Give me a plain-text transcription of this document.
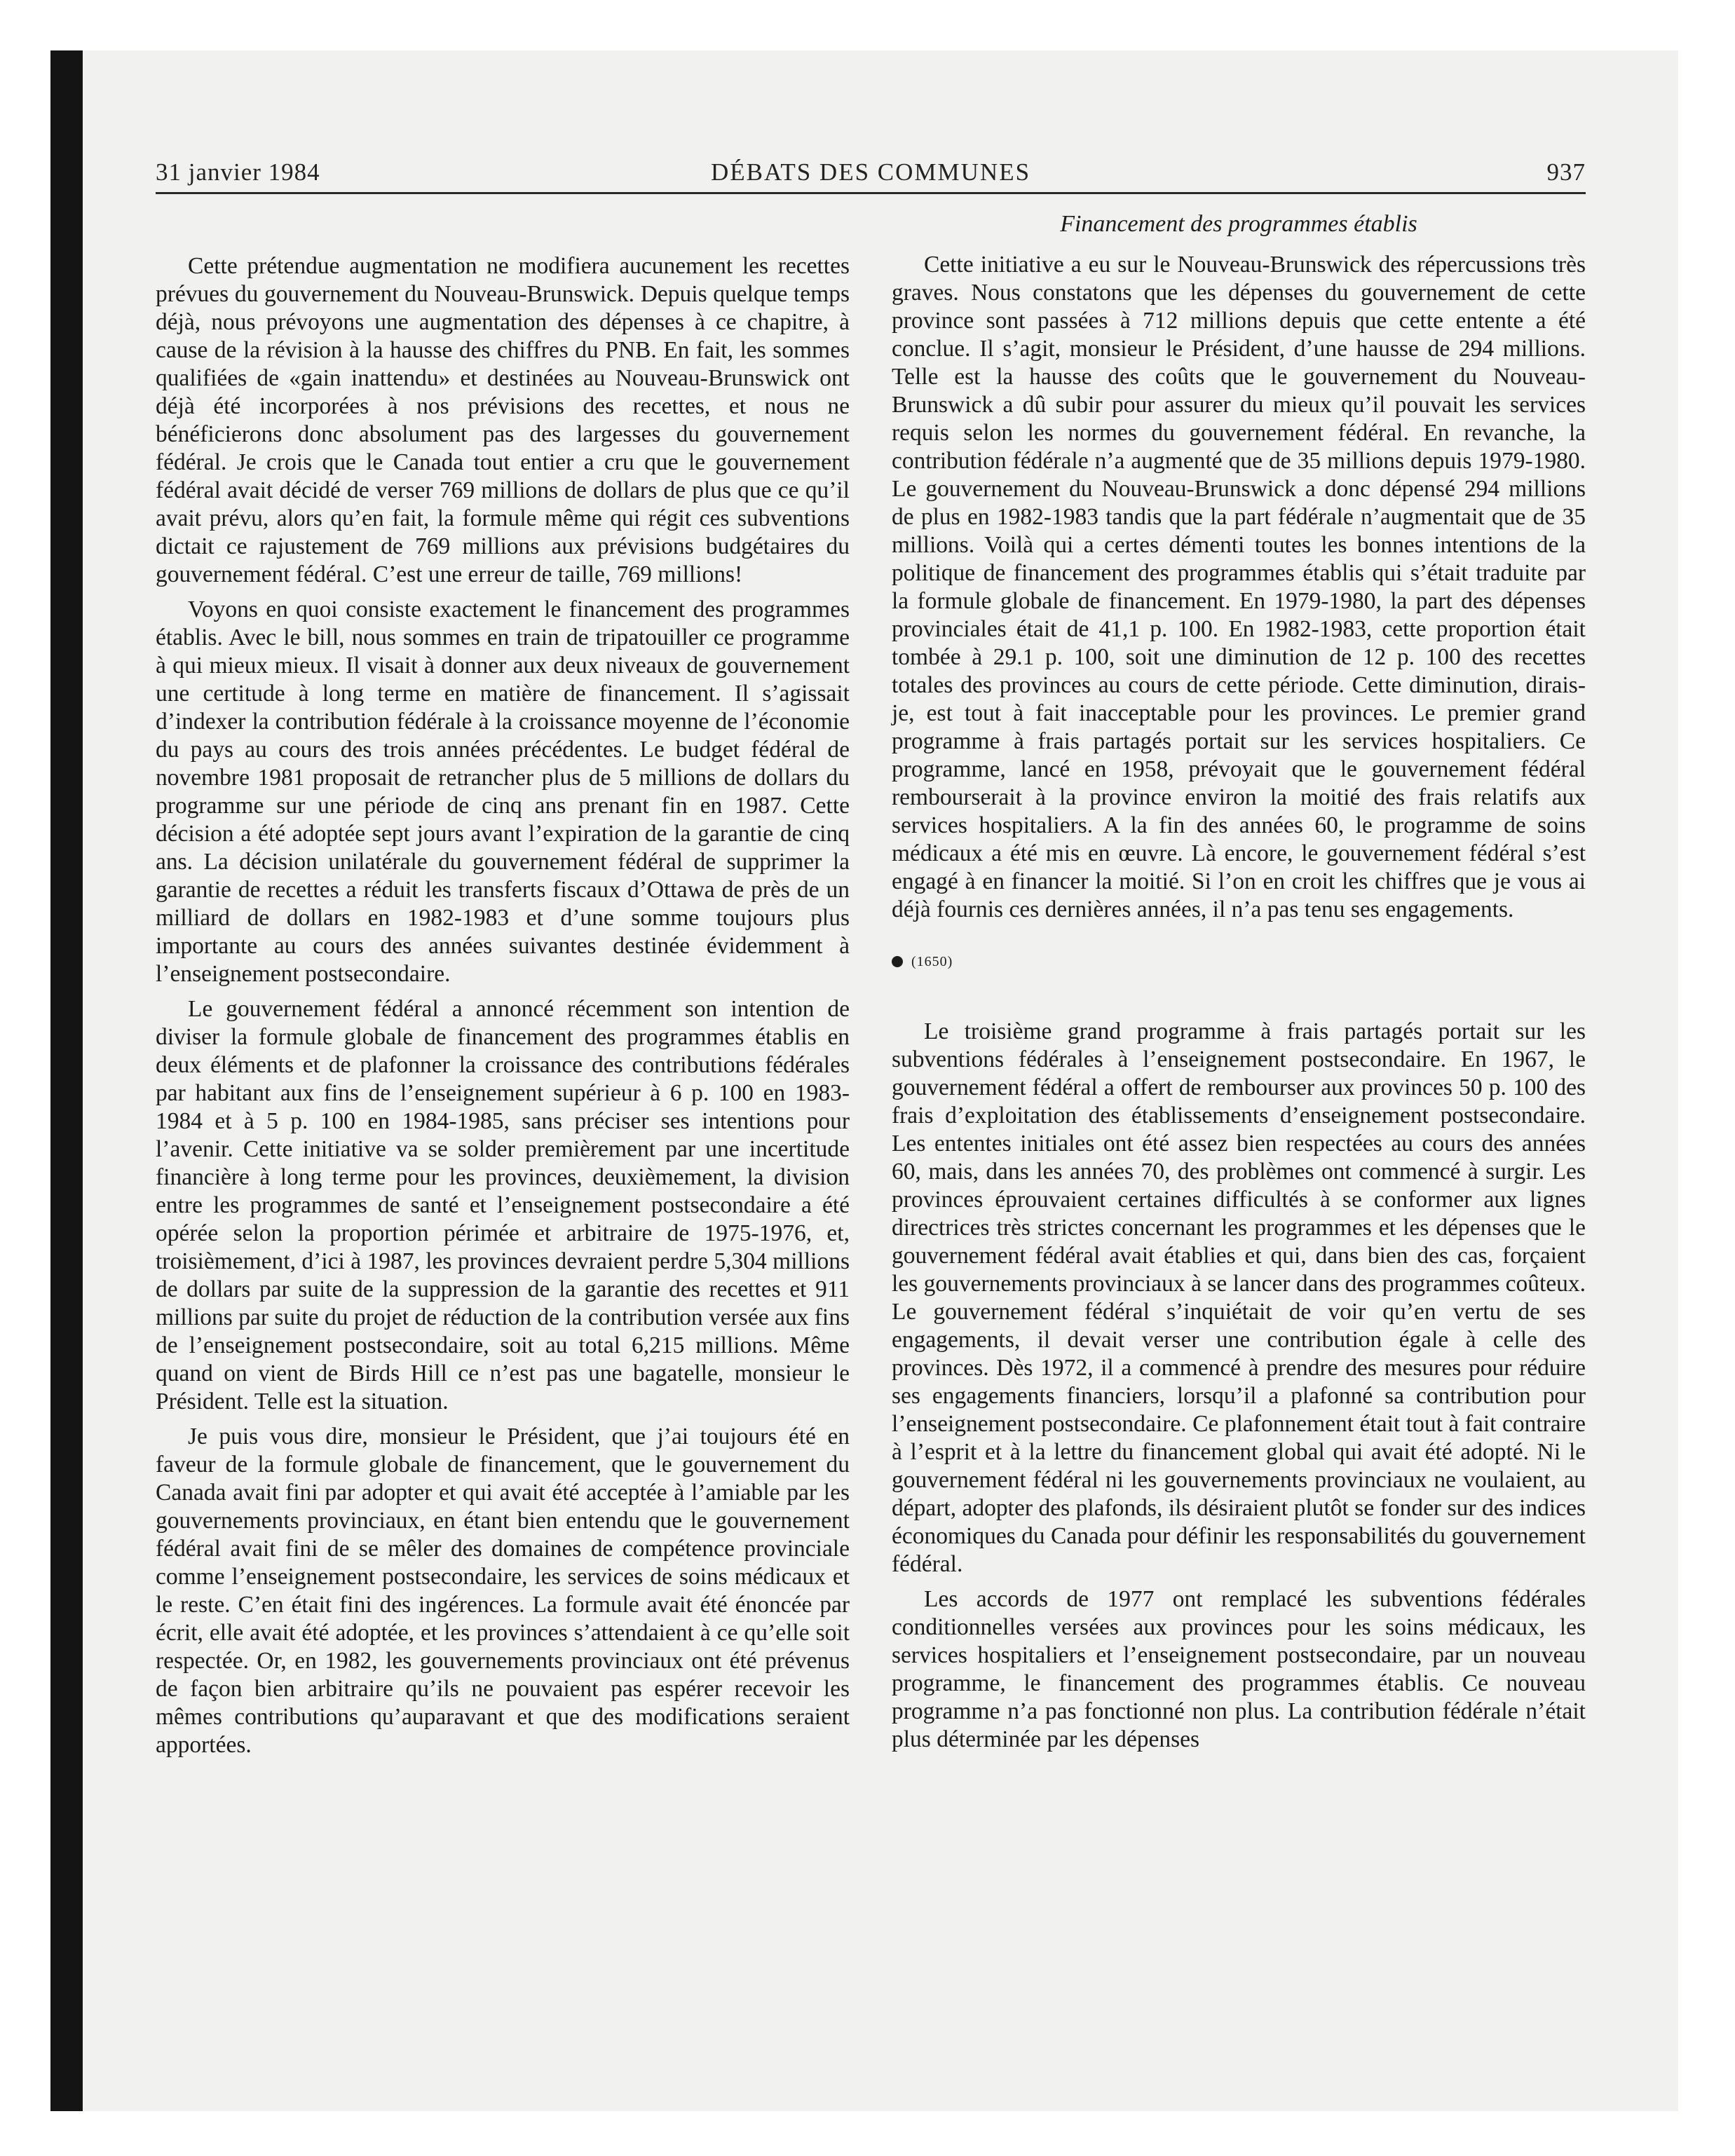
31 janvier 1984	DÉBATS DES COMMUNES	937

Cette prétendue augmentation ne modifiera aucunement les recettes prévues du gouvernement du Nouveau-Brunswick. Depuis quelque temps déjà, nous prévoyons une augmentation des dépenses à ce chapitre, à cause de la révision à la hausse des chiffres du PNB. En fait, les sommes qualifiées de «gain inattendu» et destinées au Nouveau-Brunswick ont déjà été incorporées à nos prévisions des recettes, et nous ne bénéficierons donc absolument pas des largesses du gouvernement fédéral. Je crois que le Canada tout entier a cru que le gouvernement fédéral avait décidé de verser 769 millions de dollars de plus que ce qu’il avait prévu, alors qu’en fait, la formule même qui régit ces subventions dictait ce rajustement de 769 millions aux prévisions budgétaires du gouvernement fédéral. C’est une erreur de taille, 769 millions!

Voyons en quoi consiste exactement le financement des programmes établis. Avec le bill, nous sommes en train de tripatouiller ce programme à qui mieux mieux. Il visait à donner aux deux niveaux de gouvernement une certitude à long terme en matière de financement. Il s’agissait d’indexer la contribution fédérale à la croissance moyenne de l’économie du pays au cours des trois années précédentes. Le budget fédéral de novembre 1981 proposait de retrancher plus de 5 millions de dollars du programme sur une période de cinq ans prenant fin en 1987. Cette décision a été adoptée sept jours avant l’expiration de la garantie de cinq ans. La décision unilatérale du gouvernement fédéral de supprimer la garantie de recettes a réduit les transferts fiscaux d’Ottawa de près de un milliard de dollars en 1982-1983 et d’une somme toujours plus importante au cours des années suivantes destinée évidemment à l’enseignement postsecondaire.

Le gouvernement fédéral a annoncé récemment son intention de diviser la formule globale de financement des programmes établis en deux éléments et de plafonner la croissance des contributions fédérales par habitant aux fins de l’enseignement supérieur à 6 p. 100 en 1983-1984 et à 5 p. 100 en 1984-1985, sans préciser ses intentions pour l’avenir. Cette initiative va se solder premièrement par une incertitude financière à long terme pour les provinces, deuxièmement, la division entre les programmes de santé et l’enseignement postsecondaire a été opérée selon la proportion périmée et arbitraire de 1975-1976, et, troisièmement, d’ici à 1987, les provinces devraient perdre 5,304 millions de dollars par suite de la suppression de la garantie des recettes et 911 millions par suite du projet de réduction de la contribution versée aux fins de l’enseignement postsecondaire, soit au total 6,215 millions. Même quand on vient de Birds Hill ce n’est pas une bagatelle, monsieur le Président. Telle est la situation.

Je puis vous dire, monsieur le Président, que j’ai toujours été en faveur de la formule globale de financement, que le gouvernement du Canada avait fini par adopter et qui avait été acceptée à l’amiable par les gouvernements provinciaux, en étant bien entendu que le gouvernement fédéral avait fini de se mêler des domaines de compétence provinciale comme l’enseignement postsecondaire, les services de soins médicaux et le reste. C’en était fini des ingérences. La formule avait été énoncée par écrit, elle avait été adoptée, et les provinces s’attendaient à ce qu’elle soit respectée. Or, en 1982, les gouvernements provinciaux ont été prévenus de façon bien arbitraire qu’ils ne pouvaient pas espérer recevoir les mêmes contributions qu’auparavant et que des modifications seraient apportées.

Financement des programmes établis

Cette initiative a eu sur le Nouveau-Brunswick des répercussions très graves. Nous constatons que les dépenses du gouvernement de cette province sont passées à 712 millions depuis que cette entente a été conclue. Il s’agit, monsieur le Président, d’une hausse de 294 millions. Telle est la hausse des coûts que le gouvernement du Nouveau-Brunswick a dû subir pour assurer du mieux qu’il pouvait les services requis selon les normes du gouvernement fédéral. En revanche, la contribution fédérale n’a augmenté que de 35 millions depuis 1979-1980. Le gouvernement du Nouveau-Brunswick a donc dépensé 294 millions de plus en 1982-1983 tandis que la part fédérale n’augmentait que de 35 millions. Voilà qui a certes démenti toutes les bonnes intentions de la politique de financement des programmes établis qui s’était traduite par la formule globale de financement. En 1979-1980, la part des dépenses provinciales était de 41,1 p. 100. En 1982-1983, cette proportion était tombée à 29.1 p. 100, soit une diminution de 12 p. 100 des recettes totales des provinces au cours de cette période. Cette diminution, dirais-je, est tout à fait inacceptable pour les provinces. Le premier grand programme à frais partagés portait sur les services hospitaliers. Ce programme, lancé en 1958, prévoyait que le gouvernement fédéral rembourserait à la province environ la moitié des frais relatifs aux services hospitaliers. A la fin des années 60, le programme de soins médicaux a été mis en œuvre. Là encore, le gouvernement fédéral s’est engagé à en financer la moitié. Si l’on en croit les chiffres que je vous ai déjà fournis ces dernières années, il n’a pas tenu ses engagements.

(1650)

Le troisième grand programme à frais partagés portait sur les subventions fédérales à l’enseignement postsecondaire. En 1967, le gouvernement fédéral a offert de rembourser aux provinces 50 p. 100 des frais d’exploitation des établissements d’enseignement postsecondaire. Les ententes initiales ont été assez bien respectées au cours des années 60, mais, dans les années 70, des problèmes ont commencé à surgir. Les provinces éprouvaient certaines difficultés à se conformer aux lignes directrices très strictes concernant les programmes et les dépenses que le gouvernement fédéral avait établies et qui, dans bien des cas, forçaient les gouvernements provinciaux à se lancer dans des programmes coûteux. Le gouvernement fédéral s’inquiétait de voir qu’en vertu de ses engagements, il devait verser une contribution égale à celle des provinces. Dès 1972, il a commencé à prendre des mesures pour réduire ses engagements financiers, lorsqu’il a plafonné sa contribution pour l’enseignement postsecondaire. Ce plafonnement était tout à fait contraire à l’esprit et à la lettre du financement global qui avait été adopté. Ni le gouvernement fédéral ni les gouvernements provinciaux ne voulaient, au départ, adopter des plafonds, ils désiraient plutôt se fonder sur des indices économiques du Canada pour définir les responsabilités du gouvernement fédéral.

Les accords de 1977 ont remplacé les subventions fédérales conditionnelles versées aux provinces pour les soins médicaux, les services hospitaliers et l’enseignement postsecondaire, par un nouveau programme, le financement des programmes établis. Ce nouveau programme n’a pas fonctionné non plus. La contribution fédérale n’était plus déterminée par les dépenses
